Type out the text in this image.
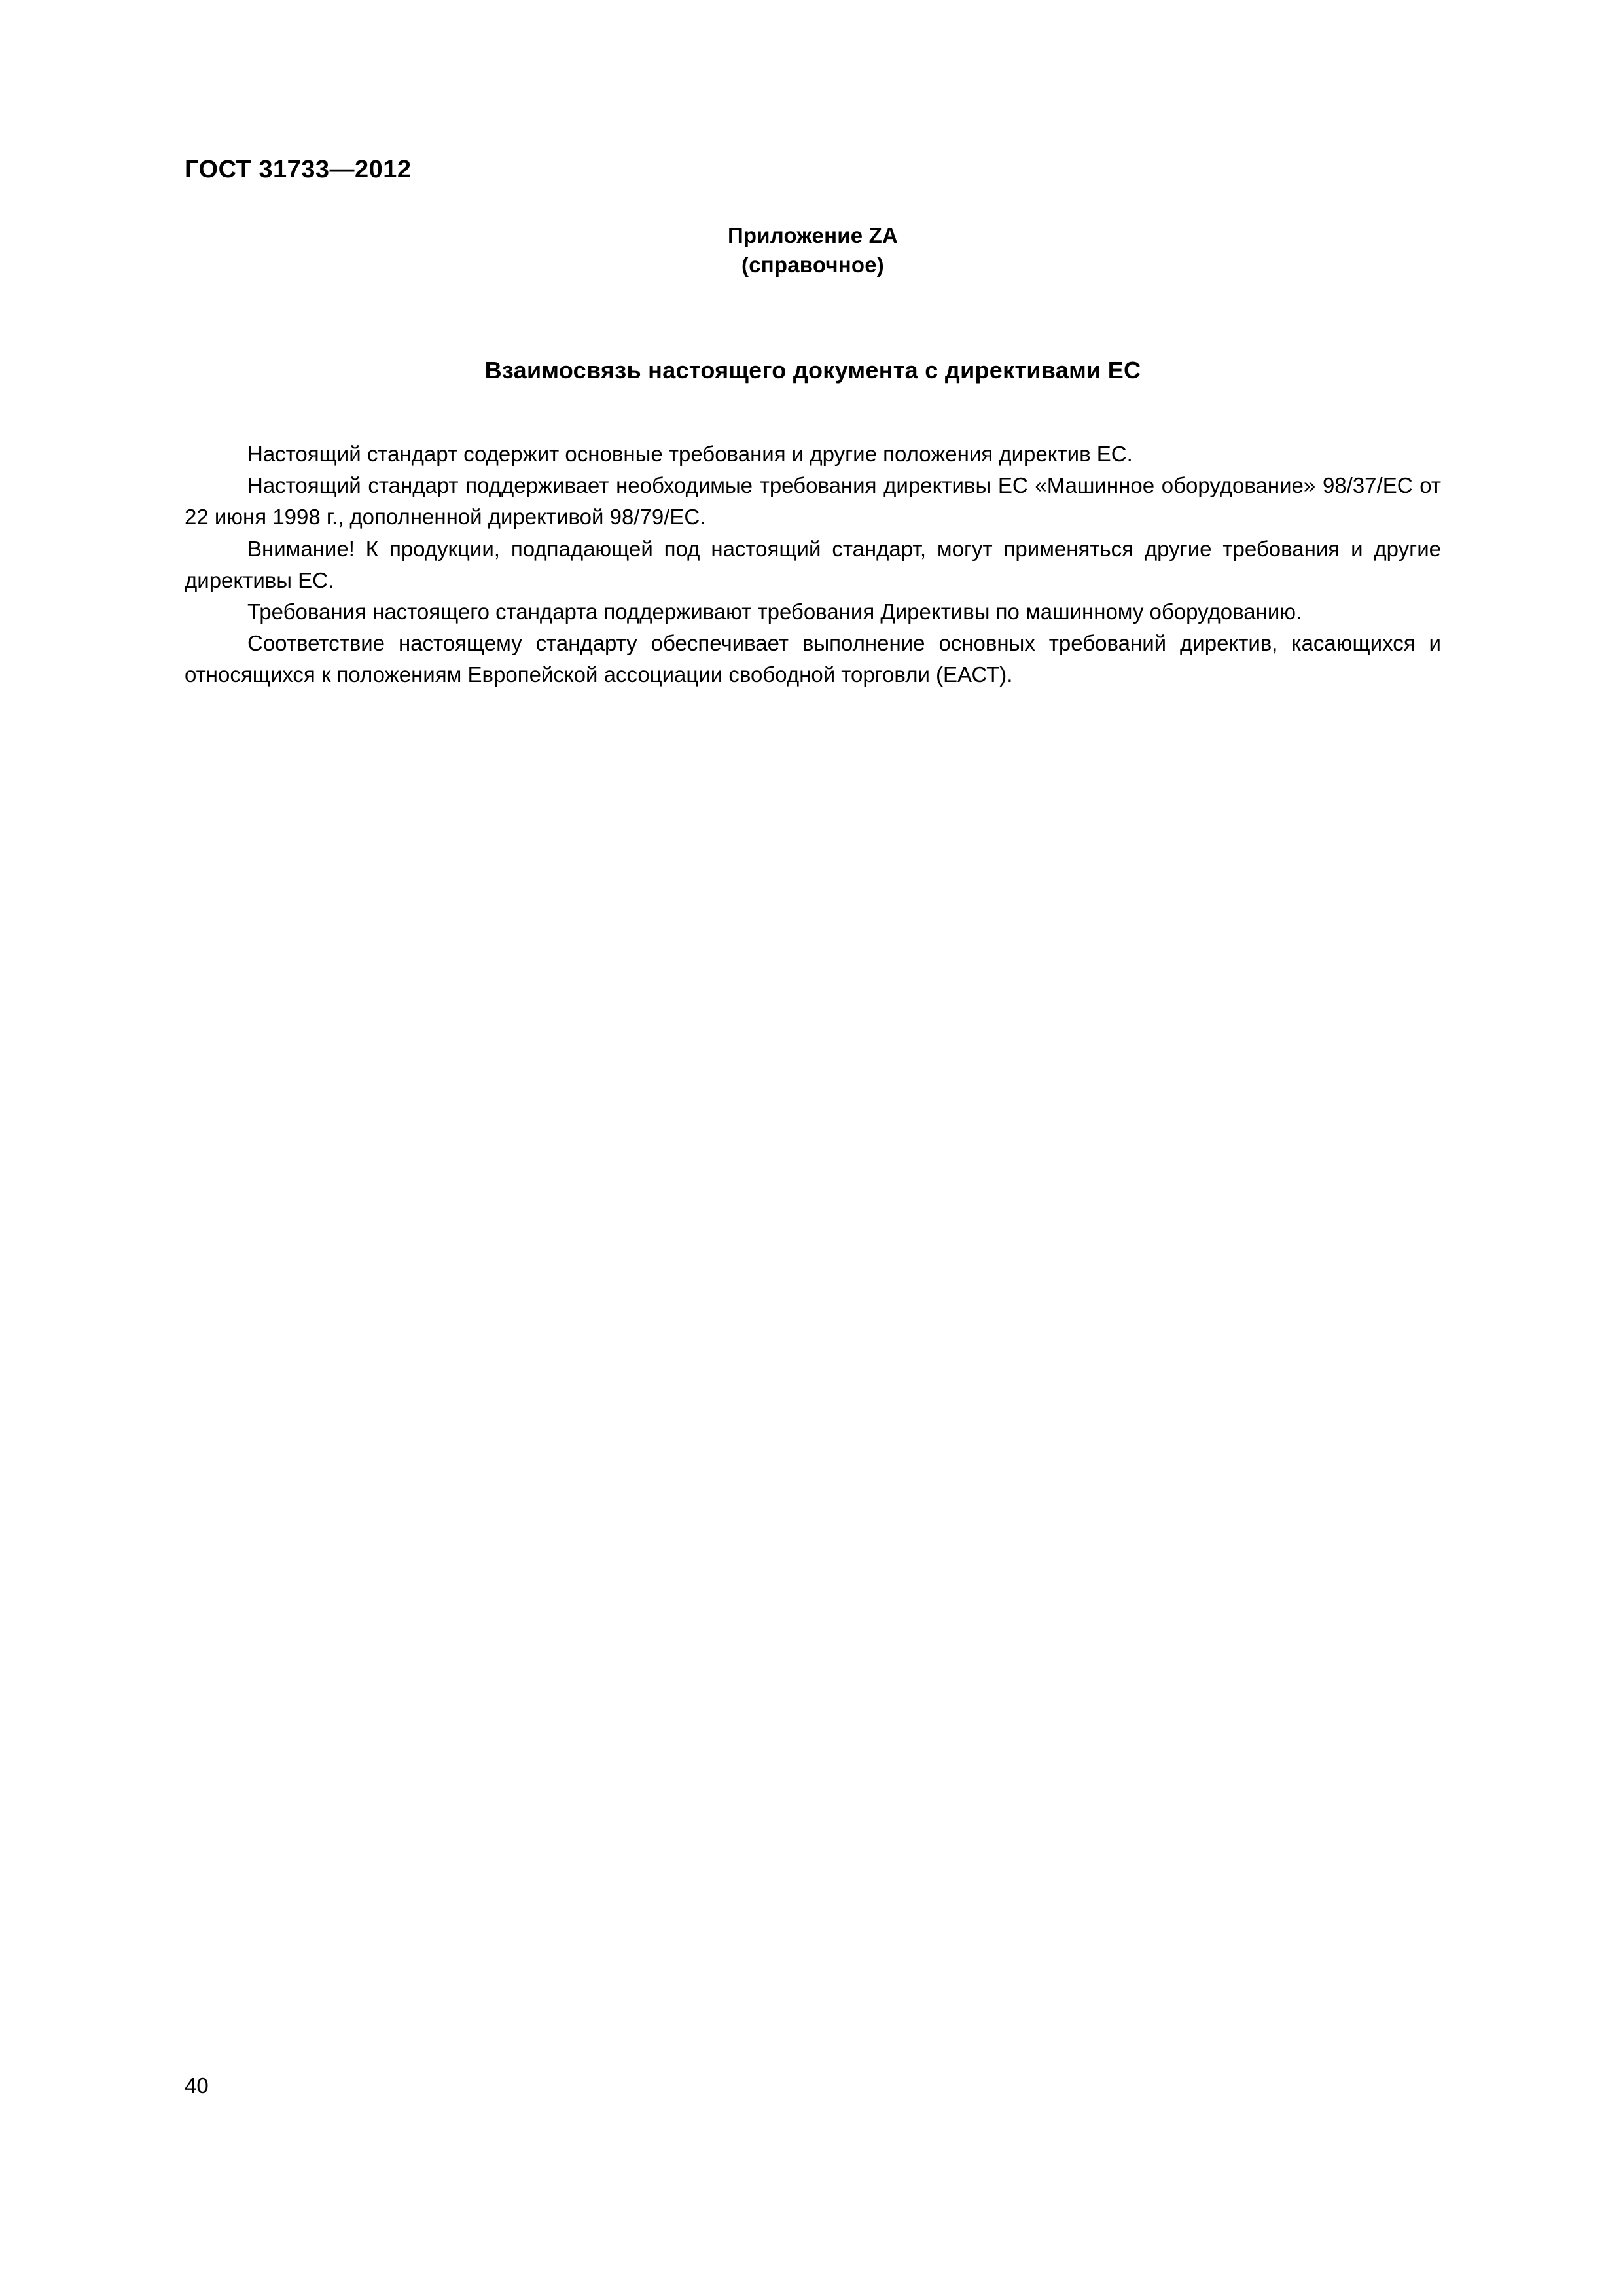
ГОСТ 31733—2012
Приложение ZA
(справочное)
Взаимосвязь настоящего документа с директивами ЕС

Настоящий стандарт содержит основные требования и другие положения директив ЕС.

Настоящий стандарт поддерживает необходимые требования директивы ЕС «Машинное оборудование» 98/37/ЕС от 22 июня 1998 г., дополненной директивой 98/79/ЕС.

Внимание! К продукции, подпадающей под настоящий стандарт, могут применяться другие требования и другие директивы ЕС.

Требования настоящего стандарта поддерживают требования Директивы по машинному оборудованию.

Соответствие настоящему стандарту обеспечивает выполнение основных требований директив, касающихся и относящихся к положениям Европейской ассоциации свободной торговли (ЕАСТ).

40
